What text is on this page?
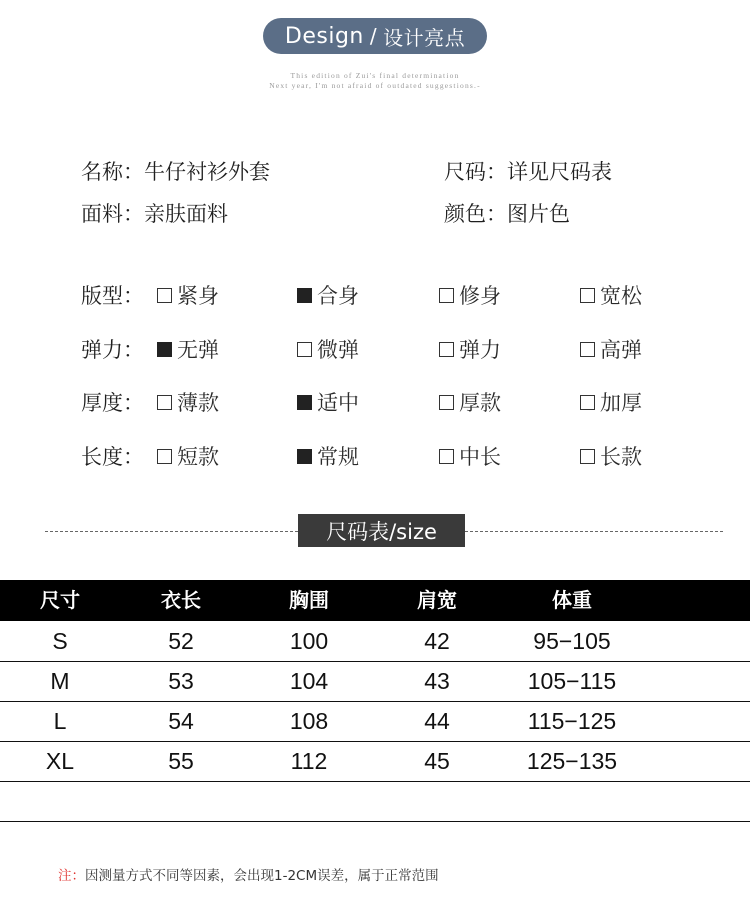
Design / 设计亮点
This edition of Zui's final determination
Next year, I'm not afraid of outdated suggestions.-
名称：牛仔衬衫外套	尺码：详见尺码表
面料：亲肤面料	颜色：图片色
版型： 紧身	合身	修身	宽松
弹力： 无弹	微弹	弹力	高弹
厚度： 薄款	适中	厚款	加厚
长度： 短款	常规	中长	长款
尺码表/size
尺寸	衣长	胸围	肩宽	体重
S	52	100	42	95−105
M	53	104	43	105−115
L	54	108	44	115−125
XL	55	112	45	125−135
注：因测量方式不同等因素，会出现1-2CM误差，属于正常范围
